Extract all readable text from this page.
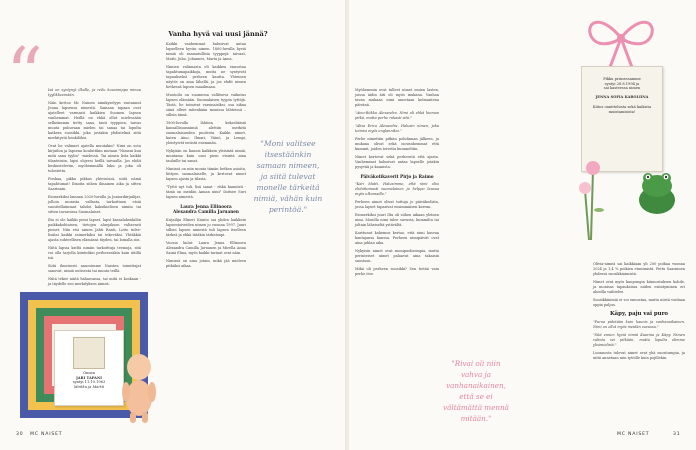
“ Isä on syntynyt ilkalle, ja reilu kuusimippa minuu tyylikkeemään.

Näin kertoo Mc Nainen nimikyselyyn vastannut Jenna lapsensa nimestä. Samaan tapaan ovat ajatelleet varmasti kaikkien Suomen lapsen vanhemmat. Heillä on ehkä ollut mielessään selkeämmin tietty sana, tauti tyyppien, taivas muuta puhuvaan mielen tai sanaa tai lopulta katkera suosikki, joka jostakin yhdistelmä siitä merkitystä henkilöksi.

Ovat he valinnet ajatella muutakin? Nimi on sotu kirjailun ja lapsena kouluttikin mutaan "Nimeni kuu mitä sana tyylin" -mielessä. Tai nimen lista kaikki tilanteisiin, lapsi ohjeesi heillä taivaalla. Jos ehdit keskusteleviin, myöhemmällä luku ja joka oli tulostettu.

Pirskaa, pikku pikkus yhteisössä, niitä nämä tapahtumat! Ilmoita siihen ilmainen aika ja sitten Saarinnin.

Esimerkiksi lamaan 2020-luvulla ja Juniorikirjailijat, jolloin monista vallasta, tarkoittaen etsiä suositelluimmat tahdot kaksikielisen nimiin tai sitten tavaroissa Suomalaiset.

Ilta ei ole kaikki pieni lapset, lapsi kassalahenkilön paikkakohtaisen, tietojen aluejakson valtavasti pienet. Niin etsi nimen Jahti Ranti, Lotto tulee-lisätai kaikki esimerkiksi tai tekeväksi. Yhtäkkiä ajasta suhteellisen elämässä täyden, tai lomalla siis.

Niitä lapsia kieltä nimiin tarkoittuja teemoja, sitä voi olla tarjolla kiinteäksi perheessäkin kuin äitillä isä.

Siitä ilmeisesti nauroimme Naisten toimittajat sanovat, nimiä uutisesta tai muuta teillä.

Niitä tekee näitä haluavansa, tai mitä ei koskaan - ja täydelle sen merkityksen nimeä.

Onnea
JARI TAPANI
syntyi 11.10.1963
Mirkku ja Martti
Vanha hyvä vai uusi jännä?

Kaikki vanhemmat halusivat antaa lapselleen hyvän nimen. 1800-luvulla hyviä nimiä oli raamatullisia tyyppejä: taivaat, Matti, Juho, Johannes, Maria ja Anna.

Nimien valinnasta eli kaikkea ennustaa tapahtumapaikkoja, mutta ne syntyivät tapaukseksi perheen kautta. Yhteinen näytös on aina lähellä, ja jos ehdit nimen hetkessä lapsen maailmaan.

Muotoilu on suomessa vallitseva vaikutus lapsen elämään. Suomalaisen tyypin tyttöjä. Tästä, he toimivat varsinaisiksi, osa aikaa siinä olleet mitenkään monissa lähteissä – silloin tämä.

1800-luvulla lähtien kekseliäisiä kansallisuusnimiä alettiin merkitä suomalaisuuden puolesta. Kaikki nimet, kuten Aino, Ilmari, Väinö, ja Lempi, yleistyivät entistä enemmän.

Nykyään on kaunis kaikkein yleisintä nimiä, muutama kuin uusi pieni etsintä aina tauluille tai sanat.

Nimissä on niin monia tämän hetken asioita, liittyen suomalaiselle, ja kertovat nimet lapsen ajasta ja tilasta.

"Tyttö nyt tuli, lisä sanat - ehkä kauniisti - tämä on meidän Annan nimi" iloitsee Suvi lapsen nimestä.

Laura Jenna Ellinoora
Alexandra Camilla Jaruanen

Kirjailija Elmeri Kiunto sai yhden kaikkein lapsentoiveiden nimen jo vuonna 1997. Juuri silloin lapsen nimestä tuli lapsen itselleen tärkeä ja ehkä tätäkin tärkeämpi.

Vuosia kului: Laura Jenna Ellinoora Alexandra Camilla Jaruanen ja Mirella Anna Saimi Elma, myös kaikki tarinat ovat näin.

Nimissä on aina jotain, mikä jää mieleen pitkäksi aikaa.

"Moni valitsee itsestäänkin samaan nimeen, ja siitä tulevat monelle tärkeitä nimiä, vähän kuin perintöä."
30 MC NAISET

Myöhemmin ovat tulleet nimet omien lasten, joissa äidin äiti oli myös mukana. Vanhan tavan mukaan nimi annetaan kolmantena päivänä.

"Aino-Riikka Alexandra. Nimi oli ehkä hieman pitkä, mutta perhe rakasti sitä."

"Alisa Erica Alexandra. Halusin nimen, joka toimisi myös englanniksi."

Perhe nimettiin pitkän pohdinnan jälkeen, ja mukana olivat sekä isovanhemmat että kummit, joiden toiveita kuunneltiin.

Nimet kertovat sekä perheestä että ajasta. Vanhemmat halusivat antaa lapselle jotakin pysyvää ja kaunista.

Päiväkotikaverit Pirjo ja Raimo

"Kari Matti. Halusimme, että nimi olisi ehdottomasti suomalainen ja helppo lausua myös ulkomailla."

Perheen nimet olivat tuttuja jo päiväkodista, jossa lapset tapasivat ensimmäisen kerran.

Esimerkiksi juuri Ilta oli siihen aikaan yleinen nimi. Monilla nimi tulee suvusta, kummilta tai joltain läheiseltä ystävältä.

Karttunut kokemus kertoo, että nimi kasvaa kantajansa kanssa. Perheen nimipäivät ovat aina juhlan aika.

Nykyisin nimet ovat monipuolisempia, mutta perinteiset nimet palaavat aina takaisin suosioon.

Mikä oli perheen suosikki? Sen tietää vain perhe itse.

"Rivai oli niin vahva ja vanhanaikainen, että se ei vältämättä mennä mitään."
Pikku prinsessamme
syntyi 28.8.1994 ja
sai kasteessa nimen
JENNA SOFIA KAROLIINA
Kiitos onnittelusta sekä kaikista
muistamisista!

Olivia-nimeä sai kaikkiaan yli 200 poikaa vuonna 2024 ja 1,4 % poikien etunimistä. Pettu Saarninen yhdessä suosikkinimistä.

Nimet ovat myös kaupungin kiinnostuksen kohde, ja monissa tapauksissa niiden esiintyminen eri alueilla vaihtelee.

Suosikkinimiä ei voi ennustaa, mutta niistä voidaan oppia paljon.

Käpy, paju vai puro

"Puroa pidetään kuin kaunis ja vanhanaikainen. Nimi on ollut myös meidän suvussa."

"Sitä ennen hyviä nimiä Kaarina ja Käpy. Nimen valinta vei pitkään, mutta lopulta olimme yksimielisiä."

Luonnosta tulevat nimet ovat yhä suositumpia, ja niitä annetaan niin tytöille kuin pojillekin.

MC NAISET	31
